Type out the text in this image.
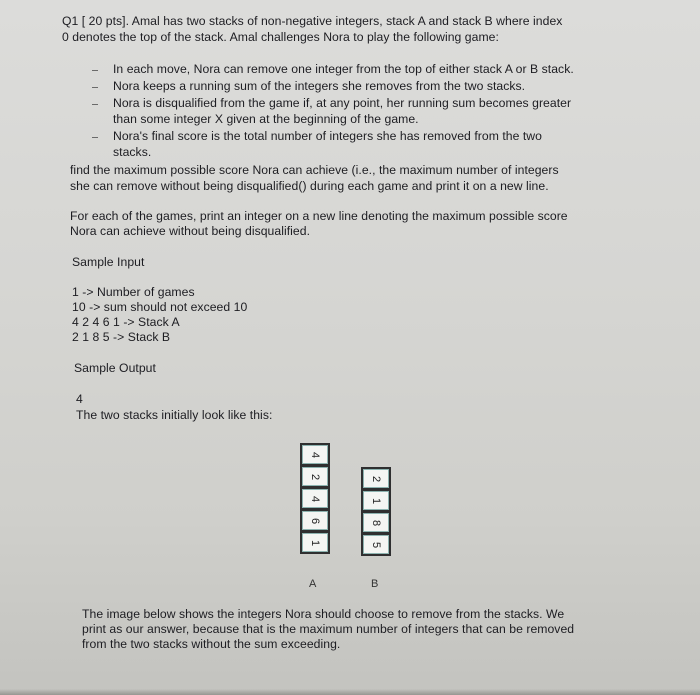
Q1 [ 20 pts]. Amal has two stacks of non-negative integers, stack A and stack B where index
0 denotes the top of the stack. Amal challenges Nora to play the following game:
In each move, Nora can remove one integer from the top of either stack A or B stack.
Nora keeps a running sum of the integers she removes from the two stacks.
Nora is disqualified from the game if, at any point, her running sum becomes greater
than some integer X given at the beginning of the game.
Nora's final score is the total number of integers she has removed from the two
stacks.
find the maximum possible score Nora can achieve (i.e., the maximum number of integers
she can remove without being disqualified() during each game and print it on a new line.
For each of the games, print an integer on a new line denoting the maximum possible score
Nora can achieve without being disqualified.
Sample Input
1 -> Number of games
10 -> sum should not exceed 10
4 2 4 6 1 -> Stack A
2 1 8 5 -> Stack B
Sample Output
4
The two stacks initially look like this:
4
2
4
6
1
A
2
1
8
5
B
The image below shows the integers Nora should choose to remove from the stacks. We
print as our answer, because that is the maximum number of integers that can be removed
from the two stacks without the sum exceeding.
